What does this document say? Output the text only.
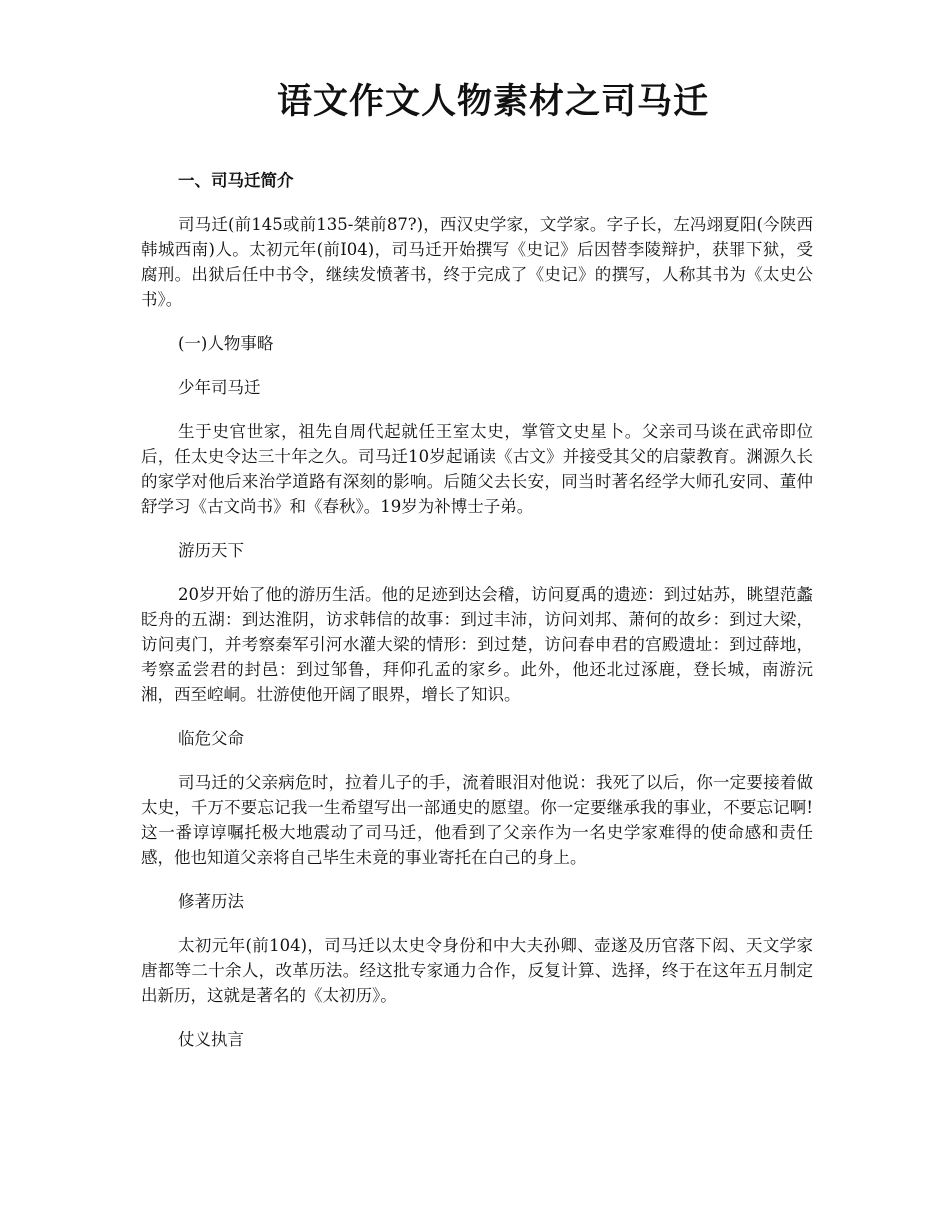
语文作文人物素材之司马迁

一、司马迁简介

司马迁(前145或前135-桀前87?)，西汉史学家，文学家。字子长，左冯翊夏阳(今陕西韩城西南)人。太初元年(前I04)，司马迁开始撰写《史记》后因替李陵辩护，获罪下狱，受腐刑。出狱后任中书令，继续发愤著书，终于完成了《史记》的撰写，人称其书为《太史公书》。

(一)人物事略

少年司马迁

生于史官世家，祖先自周代起就任王室太史，掌管文史星卜。父亲司马谈在武帝即位后，任太史令达三十年之久。司马迁10岁起诵读《古文》并接受其父的启蒙教育。渊源久长的家学对他后来治学道路有深刻的影响。后随父去长安，同当时著名经学大师孔安同、董仲舒学习《古文尚书》和《春秋》。19岁为补博士子弟。

游历天下

20岁开始了他的游历生活。他的足迹到达会稽，访问夏禹的遗迹：到过姑苏，眺望范蠡眨舟的五湖：到达淮阴，访求韩信的故事：到过丰沛，访问刘邦、萧何的故乡：到过大梁，访问夷门，并考察秦军引河水灌大梁的情形：到过楚，访问春申君的宫殿遗址：到过薛地，考察孟尝君的封邑：到过邹鲁，拜仰孔孟的家乡。此外，他还北过涿鹿，登长城，南游沅湘，西至崆峒。壮游使他开阔了眼界，增长了知识。

临危父命

司马迁的父亲病危时，拉着儿子的手，流着眼泪对他说：我死了以后，你一定要接着做太史，千万不要忘记我一生希望写出一部通史的愿望。你一定要继承我的事业，不要忘记啊!这一番谆谆嘱托极大地震动了司马迁，他看到了父亲作为一名史学家难得的使命感和责任感，他也知道父亲将自己毕生未竟的事业寄托在白己的身上。

修著历法

太初元年(前104)，司马迁以太史令身份和中大夫孙卿、壶遂及历官落下闳、天文学家唐都等二十余人，改革历法。经这批专家通力合作，反复计算、选择，终于在这年五月制定出新历，这就是著名的《太初历》。

仗义执言
